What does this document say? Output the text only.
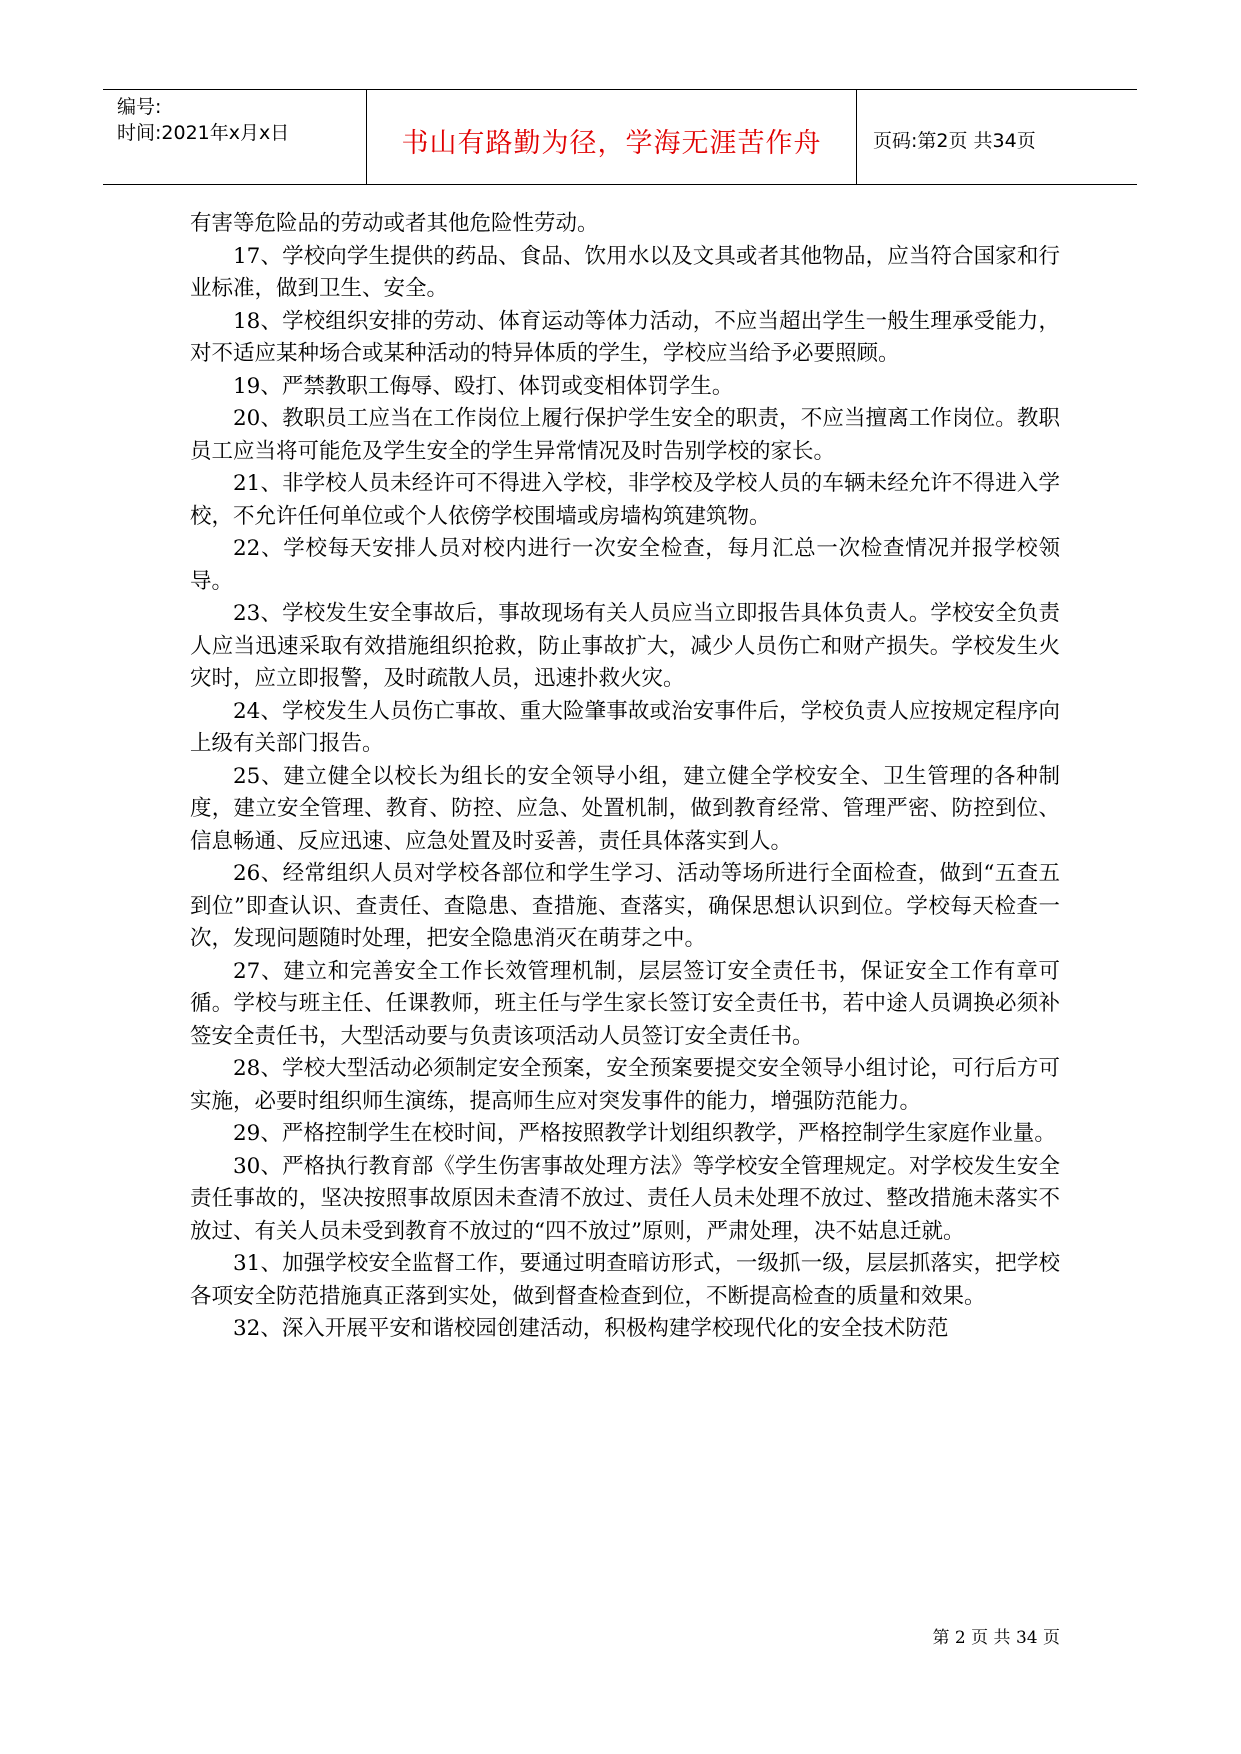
编号:
时间:2021年x月x日	书山有路勤为径，学海无涯苦作舟	页码:第2页 共34页

有害等危险品的劳动或者其他危险性劳动。

17、学校向学生提供的药品、食品、饮用水以及文具或者其他物品，应当符合国家和行业标准，做到卫生、安全。

18、学校组织安排的劳动、体育运动等体力活动，不应当超出学生一般生理承受能力，对不适应某种场合或某种活动的特异体质的学生，学校应当给予必要照顾。

19、严禁教职工侮辱、殴打、体罚或变相体罚学生。

20、教职员工应当在工作岗位上履行保护学生安全的职责，不应当擅离工作岗位。教职员工应当将可能危及学生安全的学生异常情况及时告别学校的家长。

21、非学校人员未经许可不得进入学校，非学校及学校人员的车辆未经允许不得进入学校，不允许任何单位或个人依傍学校围墙或房墙构筑建筑物。

22、学校每天安排人员对校内进行一次安全检查，每月汇总一次检查情况并报学校领导。

23、学校发生安全事故后，事故现场有关人员应当立即报告具体负责人。学校安全负责人应当迅速采取有效措施组织抢救，防止事故扩大，减少人员伤亡和财产损失。学校发生火灾时，应立即报警，及时疏散人员，迅速扑救火灾。

24、学校发生人员伤亡事故、重大险肇事故或治安事件后，学校负责人应按规定程序向上级有关部门报告。

25、建立健全以校长为组长的安全领导小组，建立健全学校安全、卫生管理的各种制度，建立安全管理、教育、防控、应急、处置机制，做到教育经常、管理严密、防控到位、信息畅通、反应迅速、应急处置及时妥善，责任具体落实到人。

26、经常组织人员对学校各部位和学生学习、活动等场所进行全面检查，做到“五查五到位”即查认识、查责任、查隐患、查措施、查落实，确保思想认识到位。学校每天检查一次，发现问题随时处理，把安全隐患消灭在萌芽之中。

27、建立和完善安全工作长效管理机制，层层签订安全责任书，保证安全工作有章可循。学校与班主任、任课教师，班主任与学生家长签订安全责任书，若中途人员调换必须补签安全责任书，大型活动要与负责该项活动人员签订安全责任书。

28、学校大型活动必须制定安全预案，安全预案要提交安全领导小组讨论，可行后方可实施，必要时组织师生演练，提高师生应对突发事件的能力，增强防范能力。

29、严格控制学生在校时间，严格按照教学计划组织教学，严格控制学生家庭作业量。

30、严格执行教育部《学生伤害事故处理方法》等学校安全管理规定。对学校发生安全责任事故的，坚决按照事故原因未查清不放过、责任人员未处理不放过、整改措施未落实不放过、有关人员未受到教育不放过的“四不放过”原则，严肃处理，决不姑息迁就。

31、加强学校安全监督工作，要通过明查暗访形式，一级抓一级，层层抓落实，把学校各项安全防范措施真正落到实处，做到督查检查到位，不断提高检查的质量和效果。

32、深入开展平安和谐校园创建活动，积极构建学校现代化的安全技术防范

第 2 页 共 34 页
